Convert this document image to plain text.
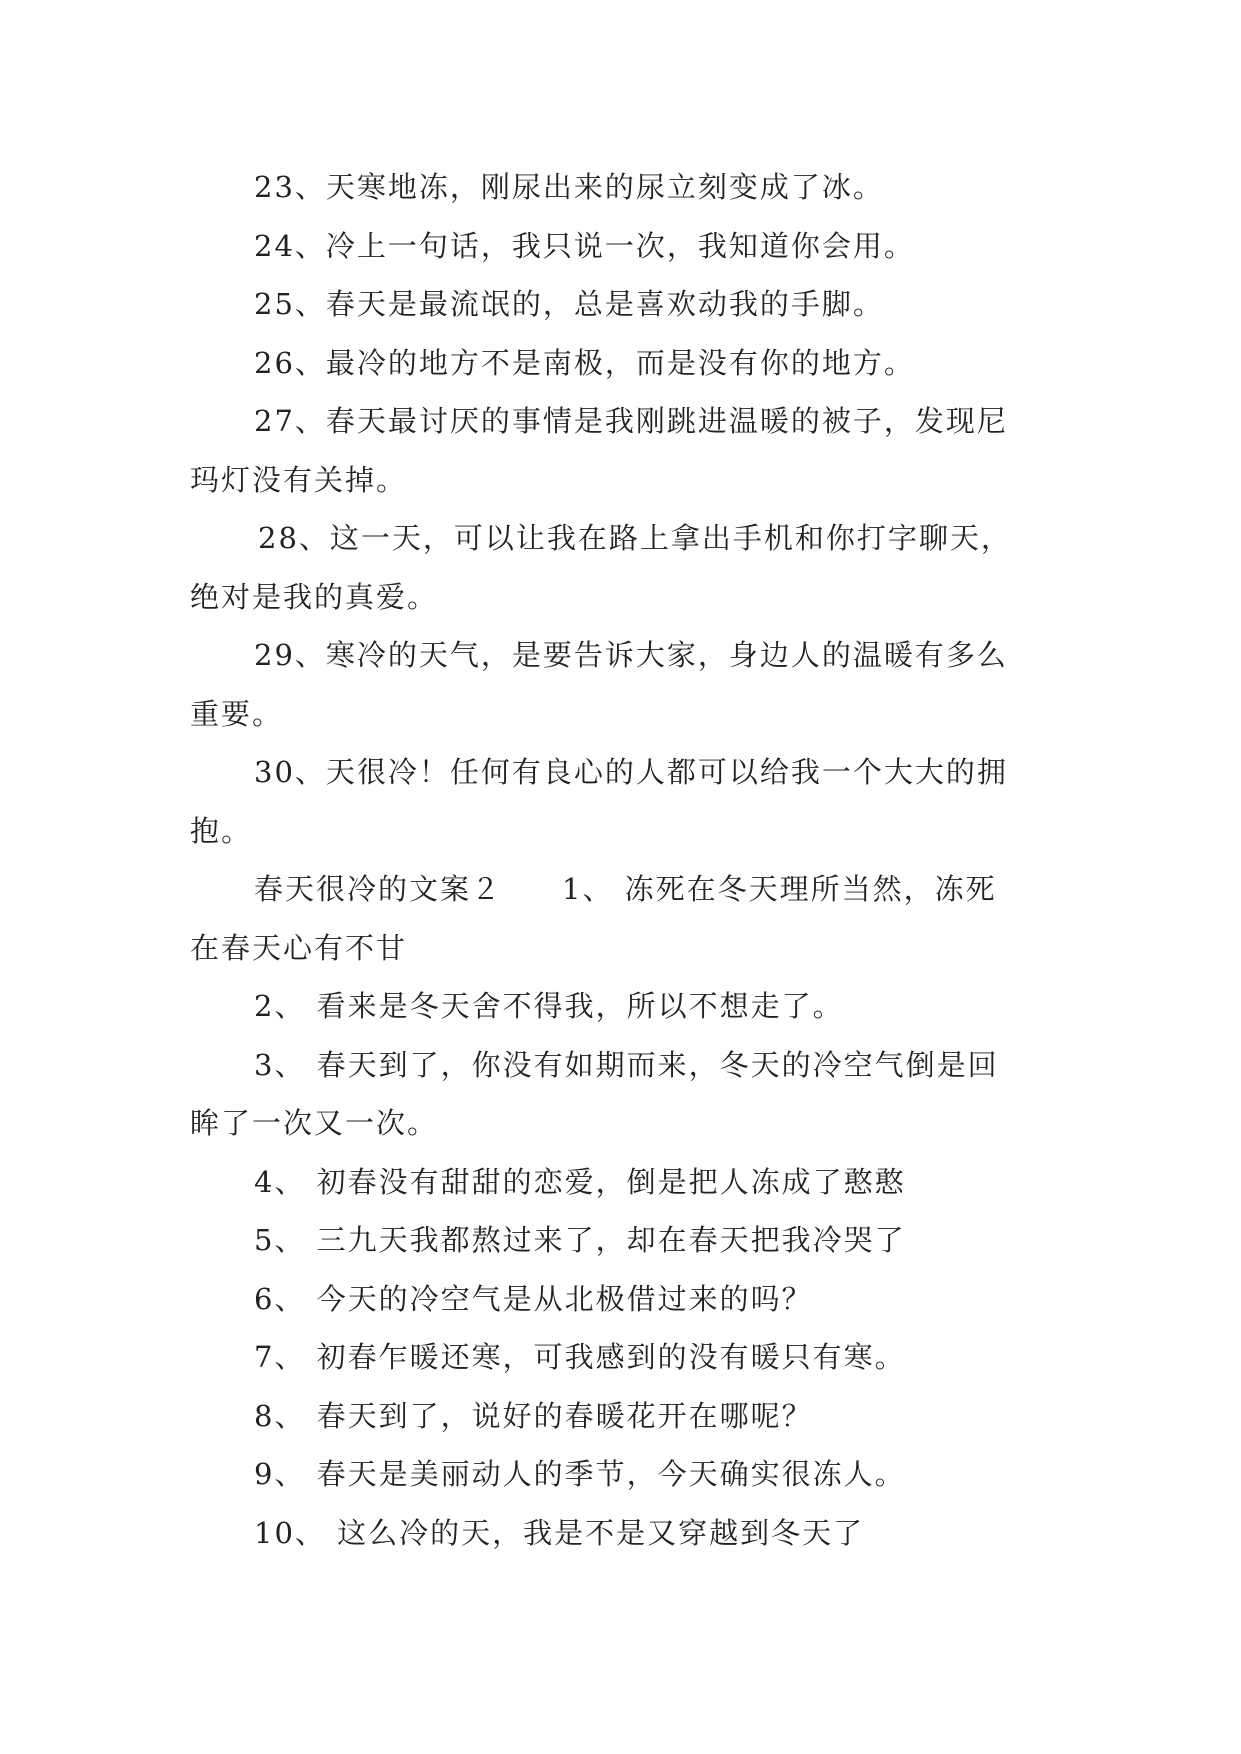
23、天寒地冻，刚尿出来的尿立刻变成了冰。

24、冷上一句话，我只说一次，我知道你会用。

25、春天是最流氓的，总是喜欢动我的手脚。

26、最冷的地方不是南极，而是没有你的地方。

27、春天最讨厌的事情是我刚跳进温暖的被子，发现尼

玛灯没有关掉。

28、这一天，可以让我在路上拿出手机和你打字聊天，

绝对是我的真爱。

29、寒冷的天气，是要告诉大家，身边人的温暖有多么

重要。

30、天很冷！任何有良心的人都可以给我一个大大的拥

抱。

春天很冷的文案２ 1、 冻死在冬天理所当然，冻死

在春天心有不甘

2、 看来是冬天舍不得我，所以不想走了。

3、 春天到了，你没有如期而来，冬天的冷空气倒是回

眸了一次又一次。

4、 初春没有甜甜的恋爱，倒是把人冻成了憨憨

5、 三九天我都熬过来了，却在春天把我冷哭了

6、 今天的冷空气是从北极借过来的吗？

7、 初春乍暖还寒，可我感到的没有暖只有寒。

8、 春天到了，说好的春暖花开在哪呢？

9、 春天是美丽动人的季节，今天确实很冻人。

10、 这么冷的天，我是不是又穿越到冬天了
